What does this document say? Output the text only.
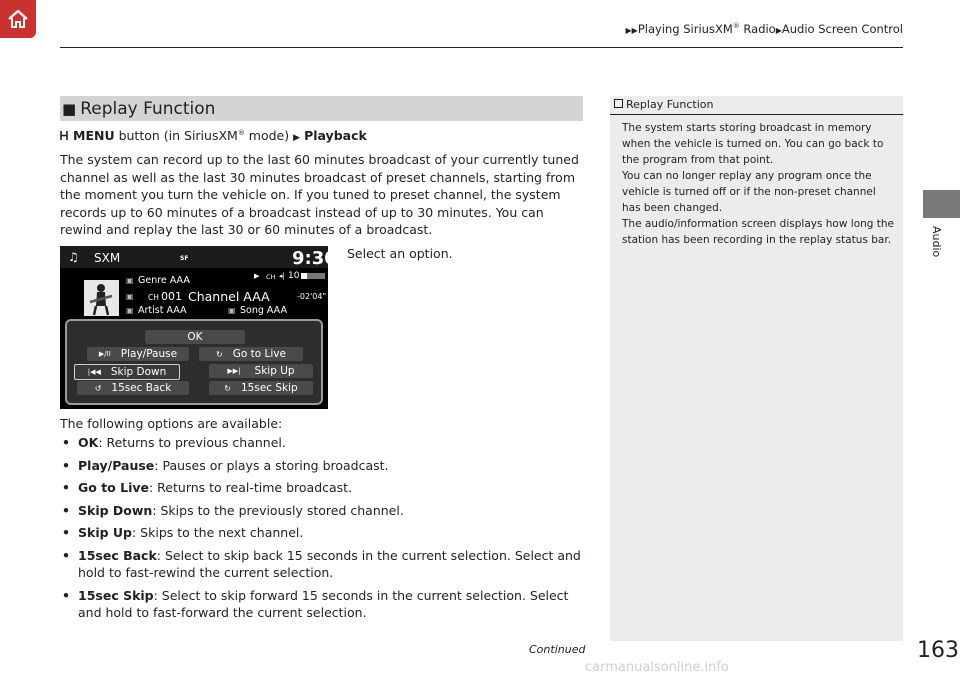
▶▶Playing SiriusXM® Radio▶Audio Screen Control
Audio
■ Replay Function
MENU button (in SiriusXM® mode) ▶ Playback

The system can record up to the last 60 minutes broadcast of your currently tuned channel as well as the last 30 minutes broadcast of preset channels, starting from the moment you turn the vehicle on. If you tuned to preset channel, the system records up to 60 minutes of a broadcast instead of up to 30 minutes. You can rewind and replay the last 30 or 60 minutes of a broadcast.

♫ SXM	SF	9:30
▣ Genre AAA	▶ CH ◂| 10
▣ CH 001 Channel AAA	-02'04"
▣ Artist AAA	▣ Song AAA
OK
▶/II Play/Pause	↻ Go to Live
|◀◀ Skip Down	▶▶| Skip Up
↺ 15sec Back	↻ 15sec Skip
Select an option.
The following options are available:
• OK: Returns to previous channel.
• Play/Pause: Pauses or plays a storing broadcast.
• Go to Live: Returns to real-time broadcast.
• Skip Down: Skips to the previously stored channel.
• Skip Up: Skips to the next channel.
• 15sec Back: Select to skip back 15 seconds in the current selection. Select and hold to fast-rewind the current selection.
• 15sec Skip: Select to skip forward 15 seconds in the current selection. Select and hold to fast-forward the current selection.
Replay Function

The system starts storing broadcast in memory when the vehicle is turned on. You can go back to the program from that point.
You can no longer replay any program once the vehicle is turned off or if the non-preset channel has been changed.
The audio/information screen displays how long the station has been recording in the replay status bar.

Continued	163
carmanualsonline.info
